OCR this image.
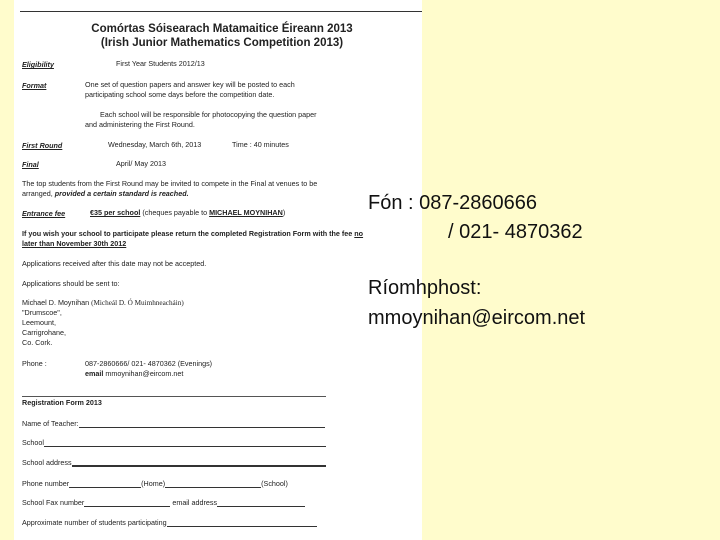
Comórtas Sóisearach Matamaitice Éireann 2013
(Irish Junior Mathematics Competition 2013)
Eligibility	First Year Students 2012/13
Format	One set of question papers and answer key will be posted to each
participating school some days before the competition date.
Each school will be responsible for photocopying the question paper
and administering the First Round.
First Round	Wednesday, March 6th, 2013	Time : 40 minutes
Final	April/ May 2013
The top students from the First Round may be invited to compete in the Final at venues to be
arranged, provided a certain standard is reached.
Entrance fee	€35 per school (cheques payable to MICHAEL MOYNIHAN)
If you wish your school to participate please return the completed Registration Form with the fee no
later than November 30th 2012
Applications received after this date may not be accepted.
Applications should be sent to:
Michael D. Moynihan (Micheál D. Ó Muimhneacháin)
"Drumscoe",
Leemount,
Carrigrohane,
Co. Cork.
Phone :	087-2860666/ 021- 4870362 (Evenings)
email mmoynihan@eircom.net
Registration Form 2013
Name of Teacher:
School
School address
Phone number	(Home)	(School)
School Fax number	email address
Approximate number of students participating
Fón : 087-2860666
/ 021- 4870362
Ríomhphost:
mmoynihan@eircom.net
